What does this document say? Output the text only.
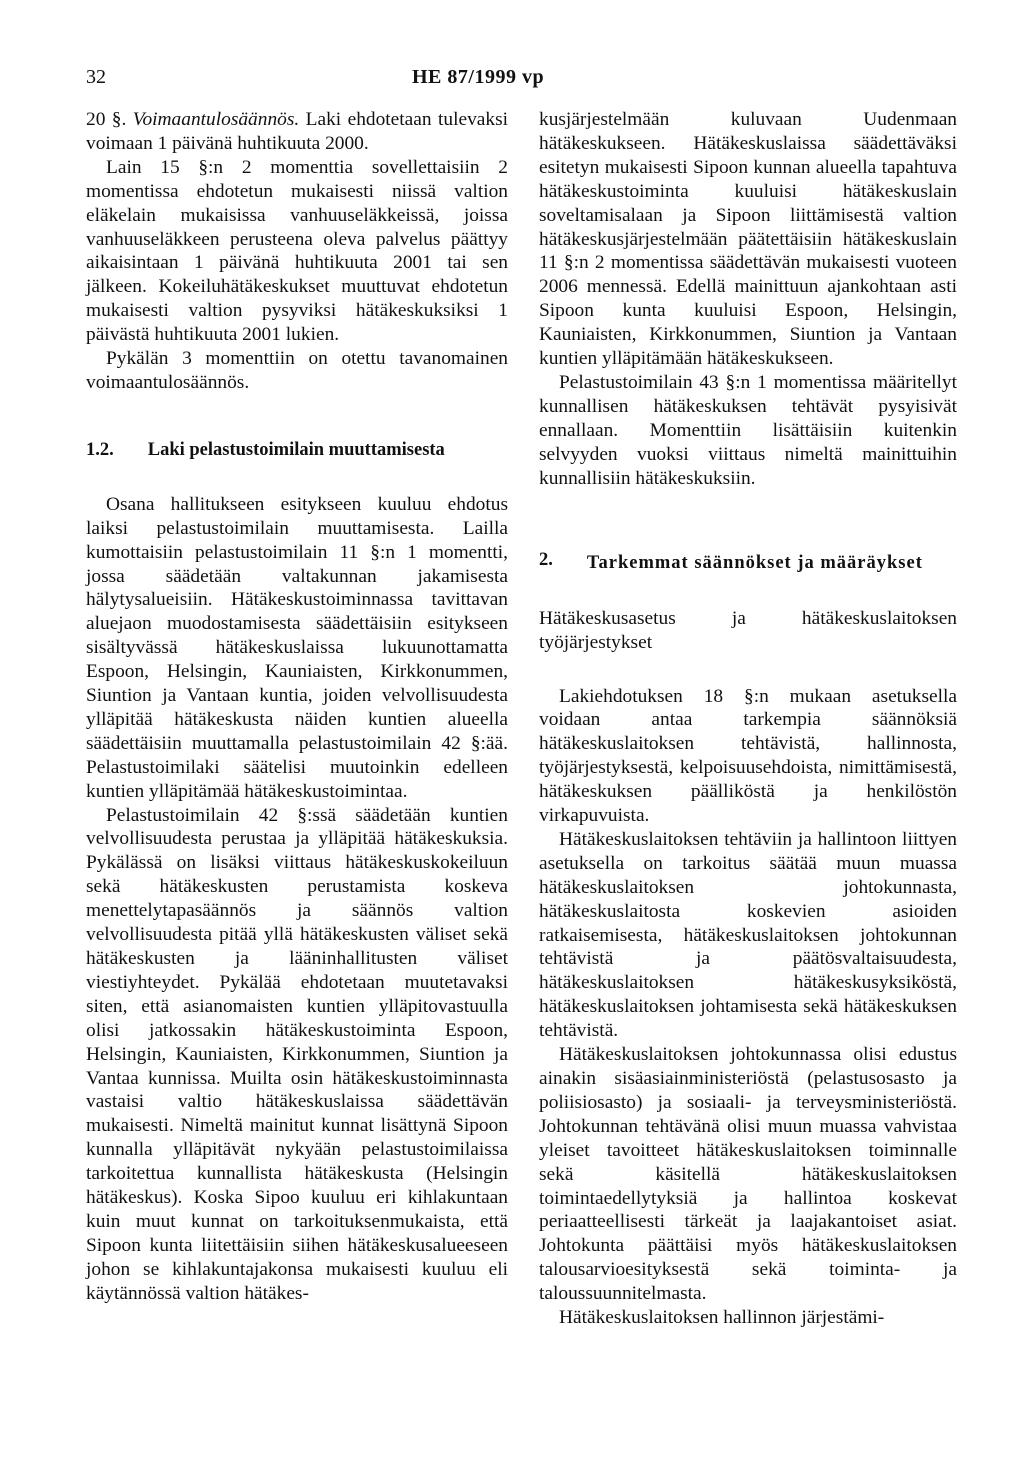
32	HE 87/1999 vp

20 §. Voimaantulosäännös. Laki ehdotetaan tulevaksi voimaan 1 päivänä huhtikuuta 2000.

Lain 15 §:n 2 momenttia sovellettaisiin 2 momentissa ehdotetun mukaisesti niissä valtion eläkelain mukaisissa vanhuuseläkkeissä, joissa vanhuuseläkkeen perusteena oleva palvelus päättyy aikaisintaan 1 päivänä huhtikuuta 2001 tai sen jälkeen. Kokeiluhätäkeskukset muuttuvat ehdotetun mukaisesti valtion pysyviksi hätäkeskuksiksi 1 päivästä huhtikuuta 2001 lukien.

Pykälän 3 momenttiin on otettu tavanomainen voimaantulosäännös.

1.2. Laki pelastustoimilain muuttamisesta

Osana hallitukseen esitykseen kuuluu ehdotus laiksi pelastustoimilain muuttamisesta. Lailla kumottaisiin pelastustoimilain 11 §:n 1 momentti, jossa säädetään valtakunnan jakamisesta hälytysalueisiin. Hätäkeskustoiminnassa tavittavan aluejaon muodostamisesta säädettäisiin esitykseen sisältyvässä hätäkeskuslaissa lukuunottamatta Espoon, Helsingin, Kauniaisten, Kirkkonummen, Siuntion ja Vantaan kuntia, joiden velvollisuudesta ylläpitää hätäkeskusta näiden kuntien alueella säädettäisiin muuttamalla pelastustoimilain 42 §:ää. Pelastustoimilaki säätelisi muutoinkin edelleen kuntien ylläpitämää hätäkeskustoimintaa.

Pelastustoimilain 42 §:ssä säädetään kuntien velvollisuudesta perustaa ja ylläpitää hätäkeskuksia. Pykälässä on lisäksi viittaus hätäkeskuskokeiluun sekä hätäkeskusten perustamista koskeva menettelytapasäännös ja säännös valtion velvollisuudesta pitää yllä hätäkeskusten väliset sekä hätäkeskusten ja lääninhallitusten väliset viestiyhteydet. Pykälää ehdotetaan muutetavaksi siten, että asianomaisten kuntien ylläpitovastuulla olisi jatkossakin hätäkeskustoiminta Espoon, Helsingin, Kauniaisten, Kirkkonummen, Siuntion ja Vantaa kunnissa. Muilta osin hätäkeskustoiminnasta vastaisi valtio hätäkeskuslaissa säädettävän mukaisesti. Nimeltä mainitut kunnat lisättynä Sipoon kunnalla ylläpitävät nykyään pelastustoimilaissa tarkoitettua kunnallista hätäkeskusta (Helsingin hätäkeskus). Koska Sipoo kuuluu eri kihlakuntaan kuin muut kunnat on tarkoituksenmukaista, että Sipoon kunta liitettäisiin siihen hätäkeskusalueeseen johon se kihlakuntajakonsa mukaisesti kuuluu eli käytännössä valtion hätäkes-

kusjärjestelmään kuluvaan Uudenmaan hätäkeskukseen. Hätäkeskuslaissa säädettäväksi esitetyn mukaisesti Sipoon kunnan alueella tapahtuva hätäkeskustoiminta kuuluisi hätäkeskuslain soveltamisalaan ja Sipoon liittämisestä valtion hätäkeskusjärjestelmään päätettäisiin hätäkeskuslain 11 §:n 2 momentissa säädettävän mukaisesti vuoteen 2006 mennessä. Edellä mainittuun ajankohtaan asti Sipoon kunta kuuluisi Espoon, Helsingin, Kauniaisten, Kirkkonummen, Siuntion ja Vantaan kuntien ylläpitämään hätäkeskukseen.

Pelastustoimilain 43 §:n 1 momentissa määritellyt kunnallisen hätäkeskuksen tehtävät pysyisivät ennallaan. Momenttiin lisättäisiin kuitenkin selvyyden vuoksi viittaus nimeltä mainittuihin kunnallisiin hätäkeskuksiin.

2. Tarkemmat säännökset ja määräykset

Hätäkeskusasetus ja hätäkeskuslaitoksen työjärjestykset

Lakiehdotuksen 18 §:n mukaan asetuksella voidaan antaa tarkempia säännöksiä hätäkeskuslaitoksen tehtävistä, hallinnosta, työjärjestyksestä, kelpoisuusehdoista, nimittämisestä, hätäkeskuksen päälliköstä ja henkilöstön virkapuvuista.

Hätäkeskuslaitoksen tehtäviin ja hallintoon liittyen asetuksella on tarkoitus säätää muun muassa hätäkeskuslaitoksen johtokunnasta, hätäkeskuslaitosta koskevien asioiden ratkaisemisesta, hätäkeskuslaitoksen johtokunnan tehtävistä ja päätösvaltaisuudesta, hätäkeskuslaitoksen hätäkeskusyksiköstä, hätäkeskuslaitoksen johtamisesta sekä hätäkeskuksen tehtävistä.

Hätäkeskuslaitoksen johtokunnassa olisi edustus ainakin sisäasiainministeriöstä (pelastusosasto ja poliisiosasto) ja sosiaali- ja terveysministeriöstä. Johtokunnan tehtävänä olisi muun muassa vahvistaa yleiset tavoitteet hätäkeskuslaitoksen toiminnalle sekä käsitellä hätäkeskuslaitoksen toimintaedellytyksiä ja hallintoa koskevat periaatteellisesti tärkeät ja laajakantoiset asiat. Johtokunta päättäisi myös hätäkeskuslaitoksen talousarvioesityksestä sekä toiminta- ja taloussuunnitelmasta.

Hätäkeskuslaitoksen hallinnon järjestämi-
